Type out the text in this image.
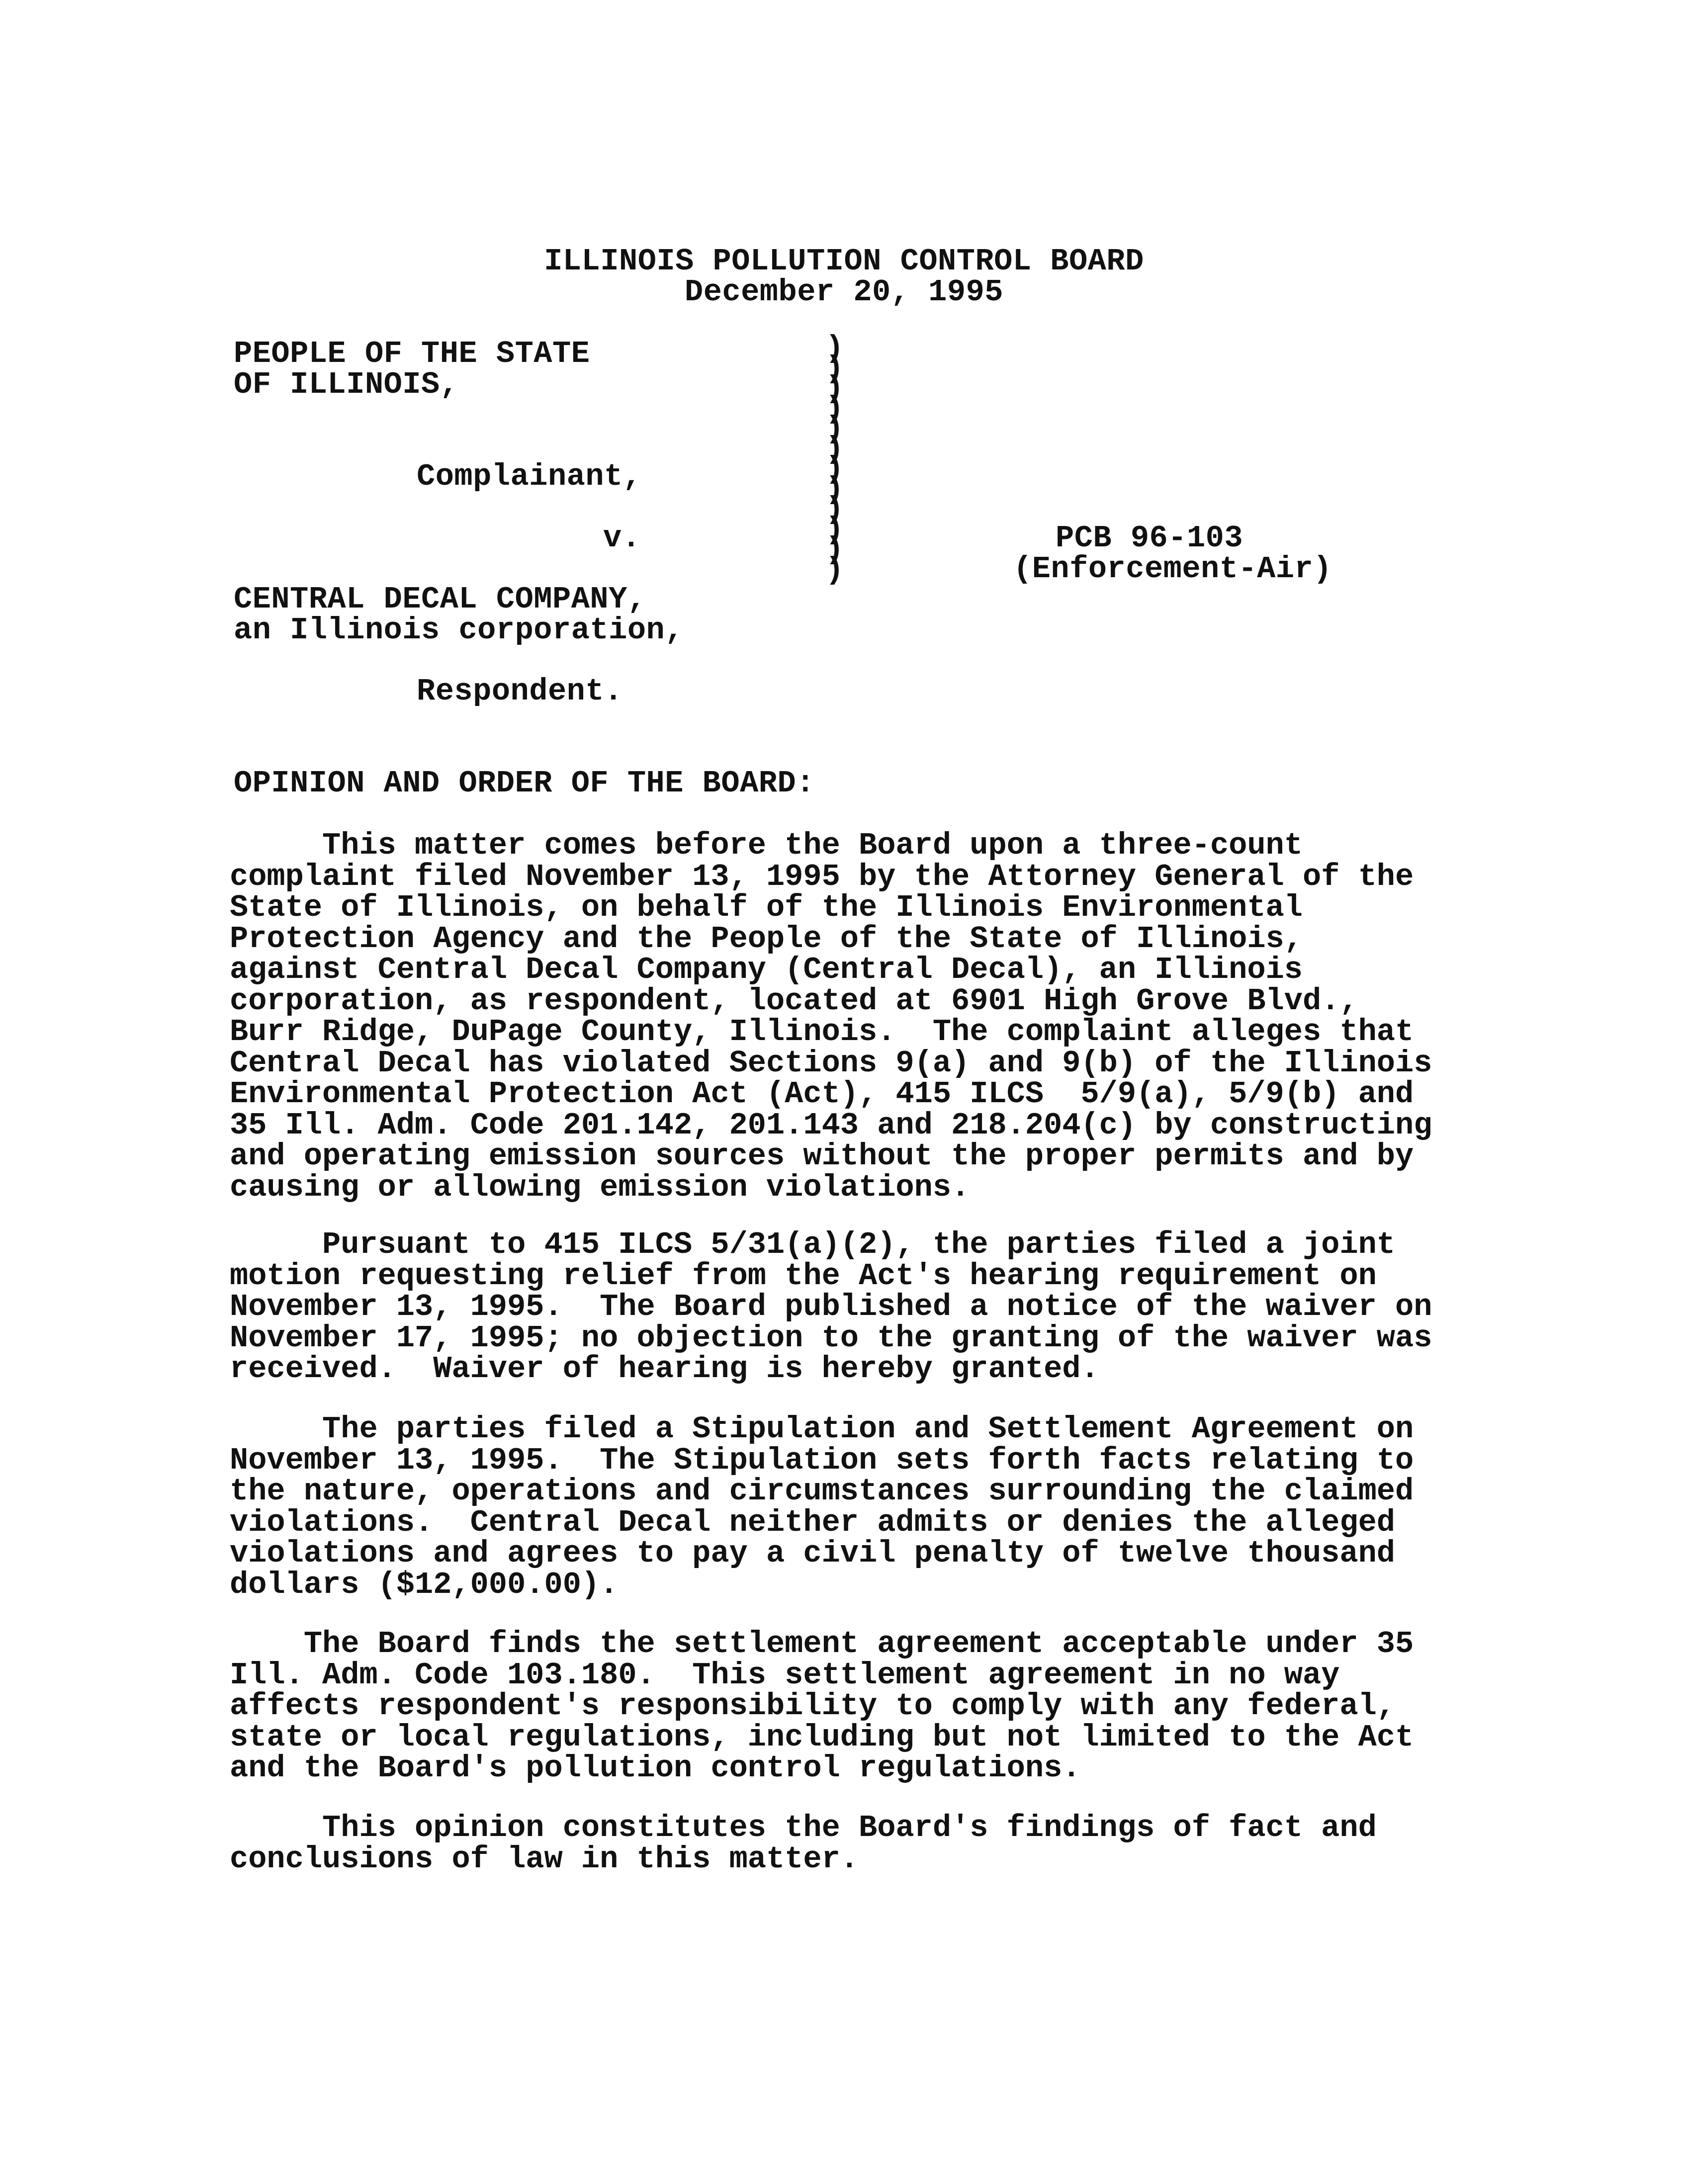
ILLINOIS POLLUTION CONTROL BOARD
December 20, 1995
PEOPLE OF THE STATE
OF ILLINOIS,
Complainant,
v.
CENTRAL DECAL COMPANY,
an Illinois corporation,
Respondent.
)
)
)
)
)
)
)
)
)
)
)
)
PCB 96-103
(Enforcement-Air)
OPINION AND ORDER OF THE BOARD:
This matter comes before the Board upon a three-count
complaint filed November 13, 1995 by the Attorney General of the
State of Illinois, on behalf of the Illinois Environmental
Protection Agency and the People of the State of Illinois,
against Central Decal Company (Central Decal), an Illinois
corporation, as respondent, located at 6901 High Grove Blvd.,
Burr Ridge, DuPage County, Illinois.  The complaint alleges that
Central Decal has violated Sections 9(a) and 9(b) of the Illinois
Environmental Protection Act (Act), 415 ILCS  5/9(a), 5/9(b) and
35 Ill. Adm. Code 201.142, 201.143 and 218.204(c) by constructing
and operating emission sources without the proper permits and by
causing or allowing emission violations.
Pursuant to 415 ILCS 5/31(a)(2), the parties filed a joint
motion requesting relief from the Act's hearing requirement on
November 13, 1995.  The Board published a notice of the waiver on
November 17, 1995; no objection to the granting of the waiver was
received.  Waiver of hearing is hereby granted.
The parties filed a Stipulation and Settlement Agreement on
November 13, 1995.  The Stipulation sets forth facts relating to
the nature, operations and circumstances surrounding the claimed
violations.  Central Decal neither admits or denies the alleged
violations and agrees to pay a civil penalty of twelve thousand
dollars ($12,000.00).
The Board finds the settlement agreement acceptable under 35
Ill. Adm. Code 103.180.  This settlement agreement in no way
affects respondent's responsibility to comply with any federal,
state or local regulations, including but not limited to the Act
and the Board's pollution control regulations.
This opinion constitutes the Board's findings of fact and
conclusions of law in this matter.
